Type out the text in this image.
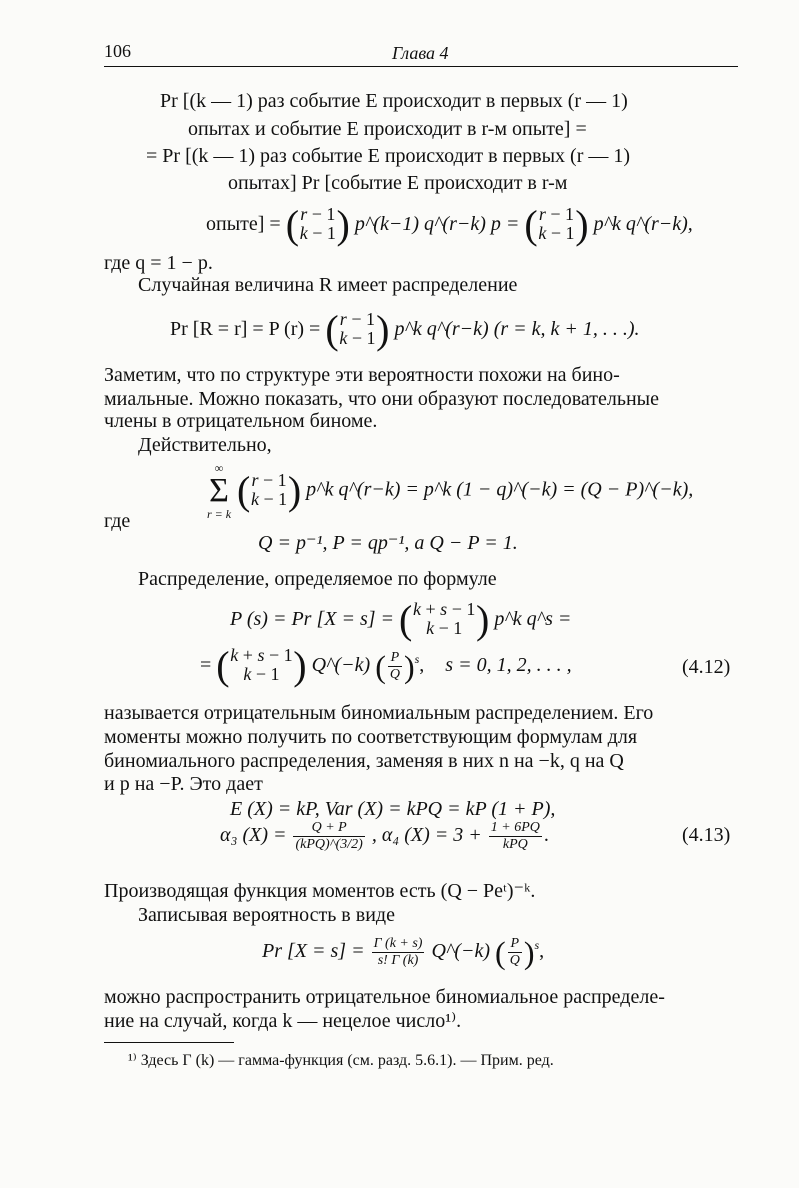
106	Глава 4
Pr [(k — 1) раз событие E происходит в первых (r — 1)
опытах и событие E происходит в r-м опыте] =
= Pr [(k — 1) раз событие E происходит в первых (r — 1)
опытах] Pr [событие E происходит в r-м
опыте] = ( r − 1
k − 1 ) p^(k−1) q^(r−k) p = ( r − 1
k − 1 ) p^k q^(r−k),
где q = 1 − p.
Случайная величина R имеет распределение
Pr [R = r] = P (r) = ( r − 1
k − 1 ) p^k q^(r−k) (r = k, k + 1, . . .).
Заметим, что по структуре эти вероятности похожи на бино-
миальные. Можно показать, что они образуют последовательные
члены в отрицательном биноме.
Действительно,
∞
Σ
r = k

( r − 1
k − 1 ) p^k q^(r−k) = p^k (1 − q)^(−k) = (Q − P)^(−k),
где
Q = p⁻¹, P = qp⁻¹, а Q − P = 1.
Распределение, определяемое по формуле
P (s) = Pr [X = s] = ( k + s − 1
k − 1 ) p^k q^s =
= ( k + s − 1
k − 1 ) Q^(−k) ( $\frac{P}{Q} )^s$, s = 0, 1, 2, . . . ,	(4.12)
называется отрицательным биномиальным распределением. Его
моменты можно получить по соответствующим формулам для
биномиального распределения, заменяя в них n на −k, q на Q
и p на −P. Это дает
E (X) = kP, Var (X) = kPQ = kP (1 + P),
α₃ $(X) = \frac{Q + P}{\text{(kPQ)\textasciicircum{}(3/2)}}$ , α₄ $(X) = 3 + \frac{1 + 6PQ}{\text{kPQ}}$ .	(4.13)
Производящая функция моментов есть (Q − Peᵗ)⁻ᵏ.
Записывая вероятность в виде
Pr $[X = s] = \frac{\Gamma (k + s)}{s! \Gamma (k)}$ Q^(−k) ( $\frac{P}{Q} )^s$,
можно распространить отрицательное биномиальное распределе-
ние на случай, когда k — нецелое число¹⁾.
¹⁾ Здесь Γ (k) — гамма-функция (см. разд. 5.6.1). — Прим. ред.
